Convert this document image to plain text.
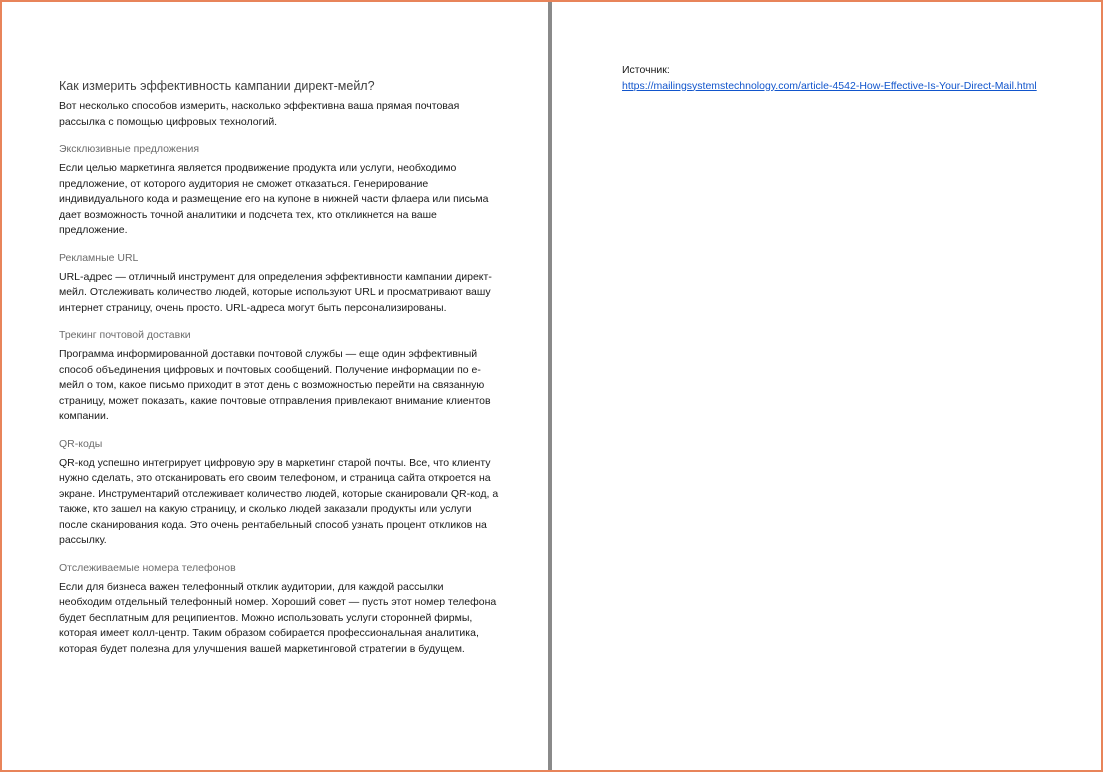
Как измерить эффективность кампании директ-мейл?

Вот несколько способов измерить, насколько эффективна ваша прямая почтовая рассылка с помощью цифровых технологий.

Эксклюзивные предложения

Если целью маркетинга является продвижение продукта или услуги, необходимо предложение, от которого аудитория не сможет отказаться. Генерирование индивидуального кода и размещение его на купоне в нижней части флаера или письма дает возможность точной аналитики и подсчета тех, кто откликнется на ваше предложение.

Рекламные URL

URL-адрес — отличный инструмент для определения эффективности кампании директ-мейл. Отслеживать количество людей, которые используют URL и просматривают вашу интернет страницу, очень просто. URL-адреса могут быть персонализированы.

Трекинг почтовой доставки

Программа информированной доставки почтовой службы — еще один эффективный способ объединения цифровых и почтовых сообщений. Получение информации по е-мейл о том, какое письмо приходит в этот день с возможностью перейти на связанную страницу, может показать, какие почтовые отправления привлекают внимание клиентов компании.

QR-коды

QR-код успешно интегрирует цифровую эру в маркетинг старой почты. Все, что клиенту нужно сделать, это отсканировать его своим телефоном, и страница сайта откроется на экране. Инструментарий отслеживает количество людей, которые сканировали QR-код, а также, кто зашел на какую страницу, и сколько людей заказали продукты или услуги после сканирования кода. Это очень рентабельный способ узнать процент откликов на рассылку.

Отслеживаемые номера телефонов

Если для бизнеса важен телефонный отклик аудитории, для каждой рассылки необходим отдельный телефонный номер. Хороший совет — пусть этот номер телефона будет бесплатным для реципиентов. Можно использовать услуги сторонней фирмы, которая имеет колл-центр. Таким образом собирается профессиональная аналитика, которая будет полезна для улучшения вашей маркетинговой стратегии в будущем.

Источник:

https://mailingsystemstechnology.com/article-4542-How-Effective-Is-Your-Direct-Mail.html
